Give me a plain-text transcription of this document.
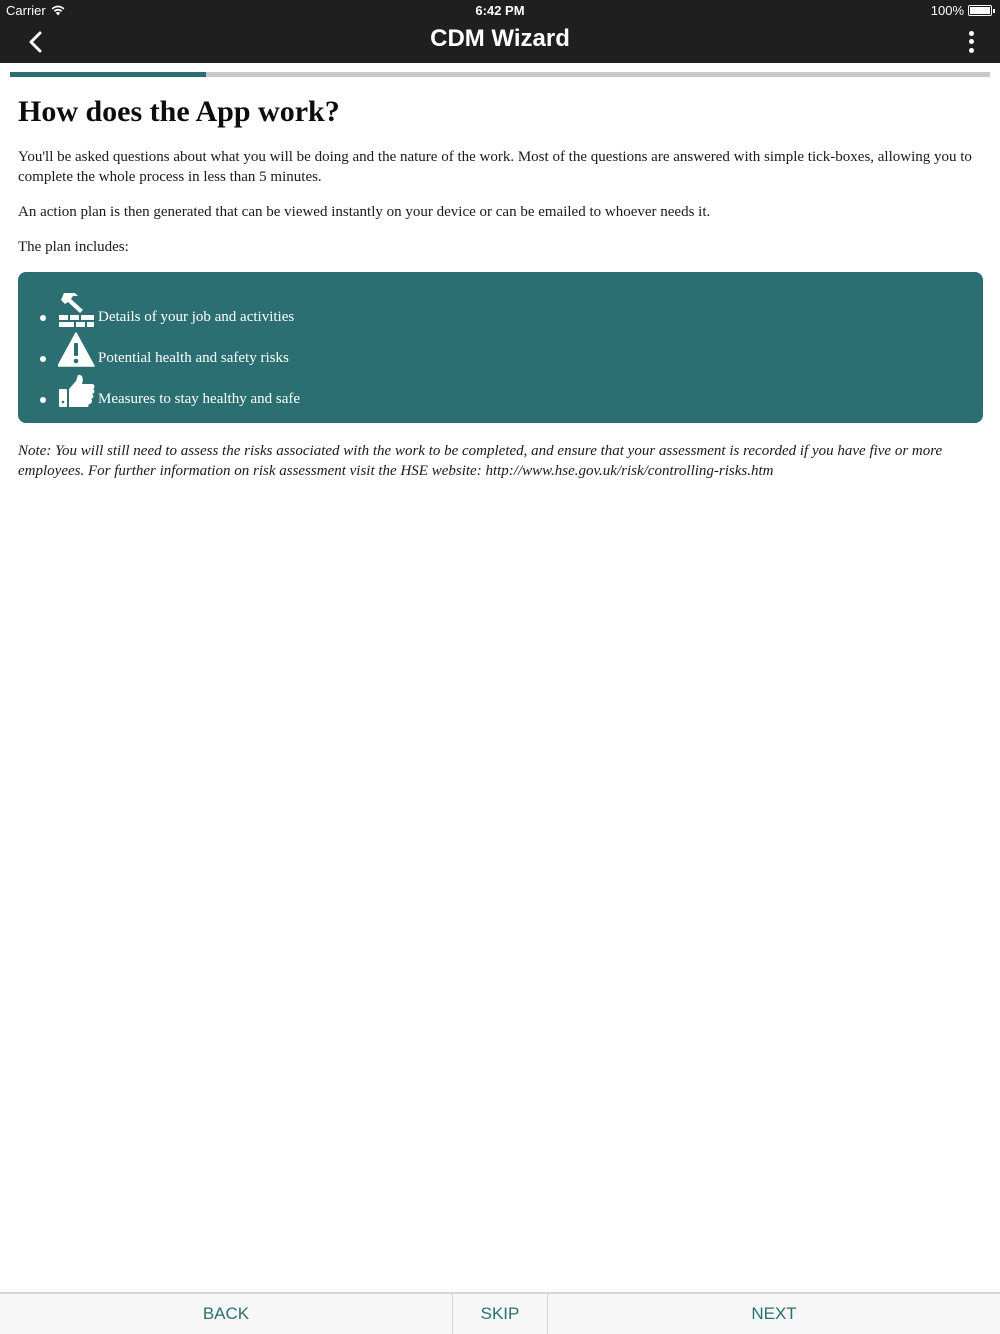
Carrier	6:42 PM	100%
CDM Wizard
How does the App work?

You'll be asked questions about what you will be doing and the nature of the work. Most of the questions are answered with simple tick-boxes, allowing you to complete the whole process in less than 5 minutes.

An action plan is then generated that can be viewed instantly on your device or can be emailed to whoever needs it.

The plan includes:

Details of your job and activities
Potential health and safety risks
Measures to stay healthy and safe

Note: You will still need to assess the risks associated with the work to be completed, and ensure that your assessment is recorded if you have five or more employees. For further information on risk assessment visit the HSE website: http://www.hse.gov.uk/risk/controlling-risks.htm

BACK	SKIP	NEXT
